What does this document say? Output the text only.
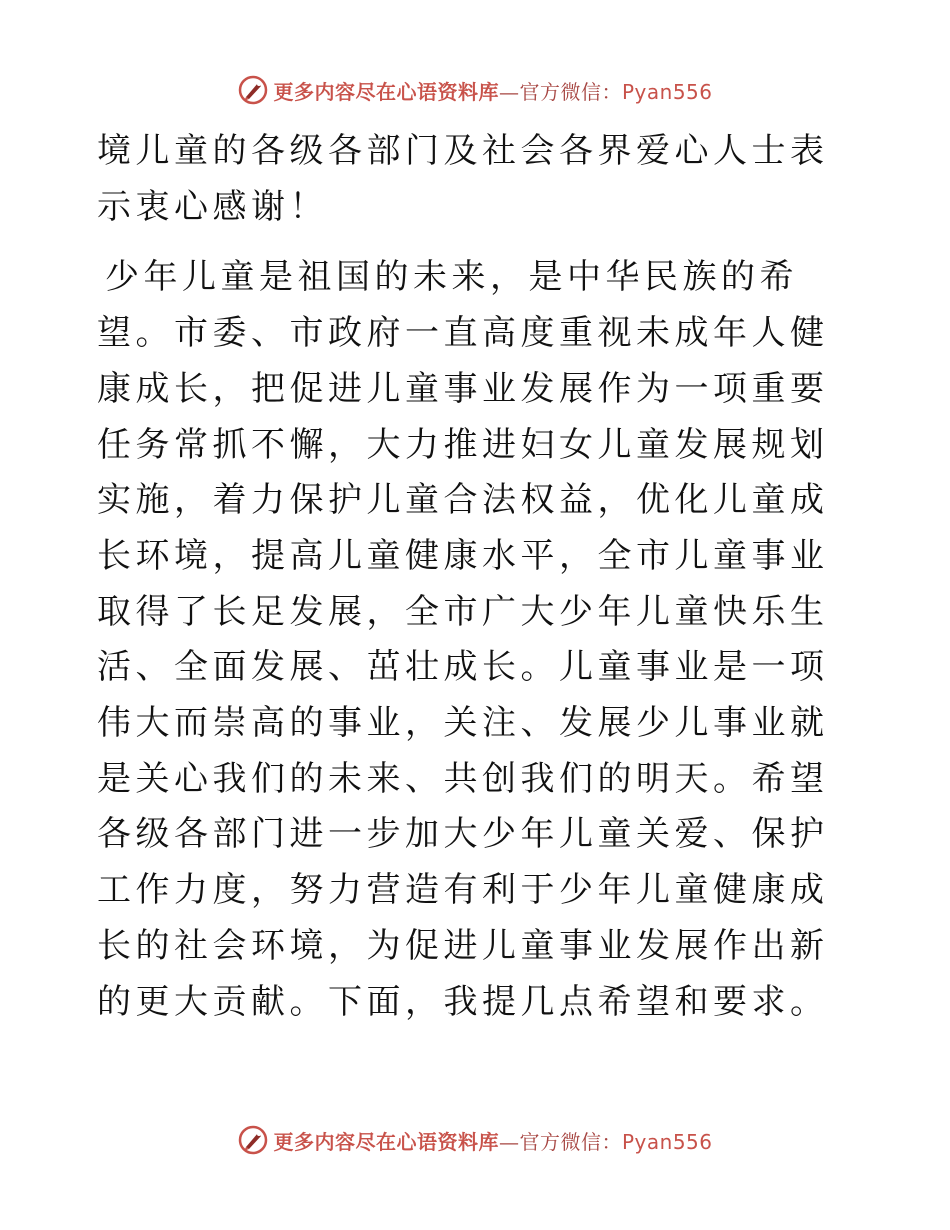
更多内容尽在心语资料库 —官方微信： Pyan556

境儿童的各级各部门及社会各界爱心人士表示衷心感谢！

少年儿童是祖国的未来，是中华民族的希望。市委、市政府一直高度重视未成年人健康成长，把促进儿童事业发展作为一项重要任务常抓不懈，大力推进妇女儿童发展规划实施，着力保护儿童合法权益，优化儿童成长环境，提高儿童健康水平，全市儿童事业取得了长足发展，全市广大少年儿童快乐生活、全面发展、茁壮成长。儿童事业是一项伟大而崇高的事业，关注、发展少儿事业就是关心我们的未来、共创我们的明天。希望各级各部门进一步加大少年儿童关爱、保护工作力度，努力营造有利于少年儿童健康成长的社会环境，为促进儿童事业发展作出新的更大贡献。下面，我提几点希望和要求。

更多内容尽在心语资料库 —官方微信： Pyan556
